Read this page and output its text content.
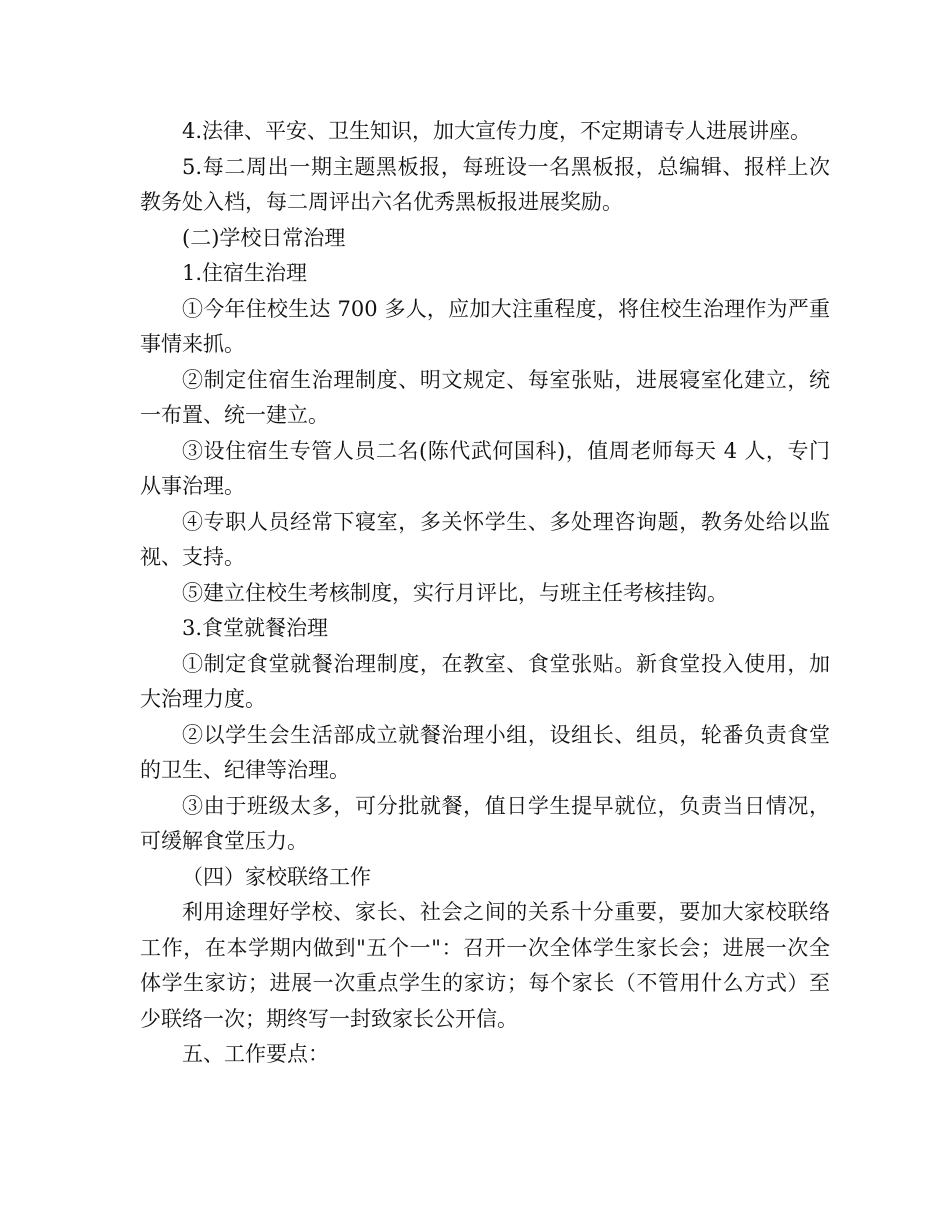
4.法律、平安、卫生知识，加大宣传力度，不定期请专人进展讲座。

5.每二周出一期主题黑板报，每班设一名黑板报，总编辑、报样上次教务处入档，每二周评出六名优秀黑板报进展奖励。

(二)学校日常治理

1.住宿生治理

①今年住校生达 700 多人，应加大注重程度，将住校生治理作为严重事情来抓。

②制定住宿生治理制度、明文规定、每室张贴，进展寝室化建立，统一布置、统一建立。

③设住宿生专管人员二名(陈代武何国科)，值周老师每天 4 人，专门从事治理。

④专职人员经常下寝室，多关怀学生、多处理咨询题，教务处给以监视、支持。

⑤建立住校生考核制度，实行月评比，与班主任考核挂钩。

3.食堂就餐治理

①制定食堂就餐治理制度，在教室、食堂张贴。新食堂投入使用，加大治理力度。

②以学生会生活部成立就餐治理小组，设组长、组员，轮番负责食堂的卫生、纪律等治理。

③由于班级太多，可分批就餐，值日学生提早就位，负责当日情况，可缓解食堂压力。

（四）家校联络工作

利用途理好学校、家长、社会之间的关系十分重要，要加大家校联络工作，在本学期内做到"五个一"：召开一次全体学生家长会；进展一次全体学生家访；进展一次重点学生的家访；每个家长（不管用什么方式）至少联络一次；期终写一封致家长公开信。

五、工作要点：
